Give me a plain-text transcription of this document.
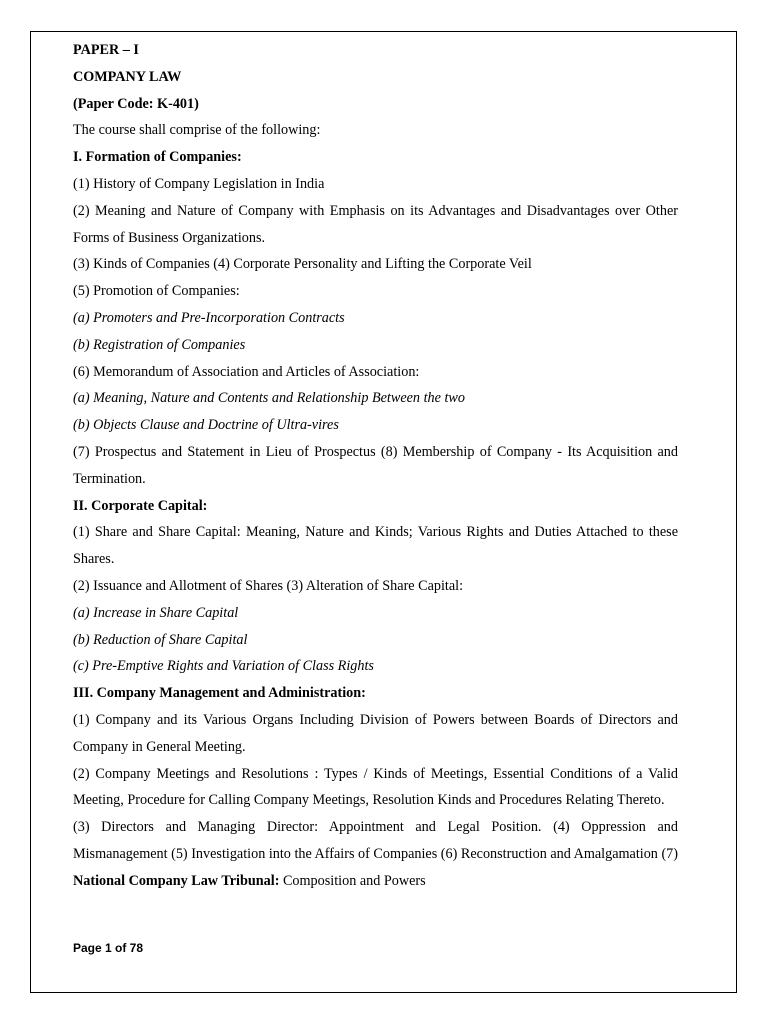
PAPER – I

COMPANY LAW

(Paper Code: K-401)

The course shall comprise of the following:

I. Formation of Companies:

(1) History of Company Legislation in India

(2) Meaning and Nature of Company with Emphasis on its Advantages and Disadvantages over Other Forms of Business Organizations.

(3) Kinds of Companies (4) Corporate Personality and Lifting the Corporate Veil

(5) Promotion of Companies:

(a) Promoters and Pre-Incorporation Contracts

(b) Registration of Companies

(6) Memorandum of Association and Articles of Association:

(a) Meaning, Nature and Contents and Relationship Between the two

(b) Objects Clause and Doctrine of Ultra-vires

(7) Prospectus and Statement in Lieu of Prospectus (8) Membership of Company - Its Acquisition and Termination.

II. Corporate Capital:

(1) Share and Share Capital: Meaning, Nature and Kinds; Various Rights and Duties Attached to these Shares.

(2) Issuance and Allotment of Shares (3) Alteration of Share Capital:

(a) Increase in Share Capital

(b) Reduction of Share Capital

(c) Pre-Emptive Rights and Variation of Class Rights

III. Company Management and Administration:

(1) Company and its Various Organs Including Division of Powers between Boards of Directors and Company in General Meeting.

(2) Company Meetings and Resolutions : Types / Kinds of Meetings, Essential Conditions of a Valid Meeting, Procedure for Calling Company Meetings, Resolution Kinds and Procedures Relating Thereto.

(3) Directors and Managing Director: Appointment and Legal Position. (4) Oppression and Mismanagement (5) Investigation into the Affairs of Companies (6) Reconstruction and Amalgamation (7) National Company Law Tribunal: Composition and Powers

Page 1 of 78
